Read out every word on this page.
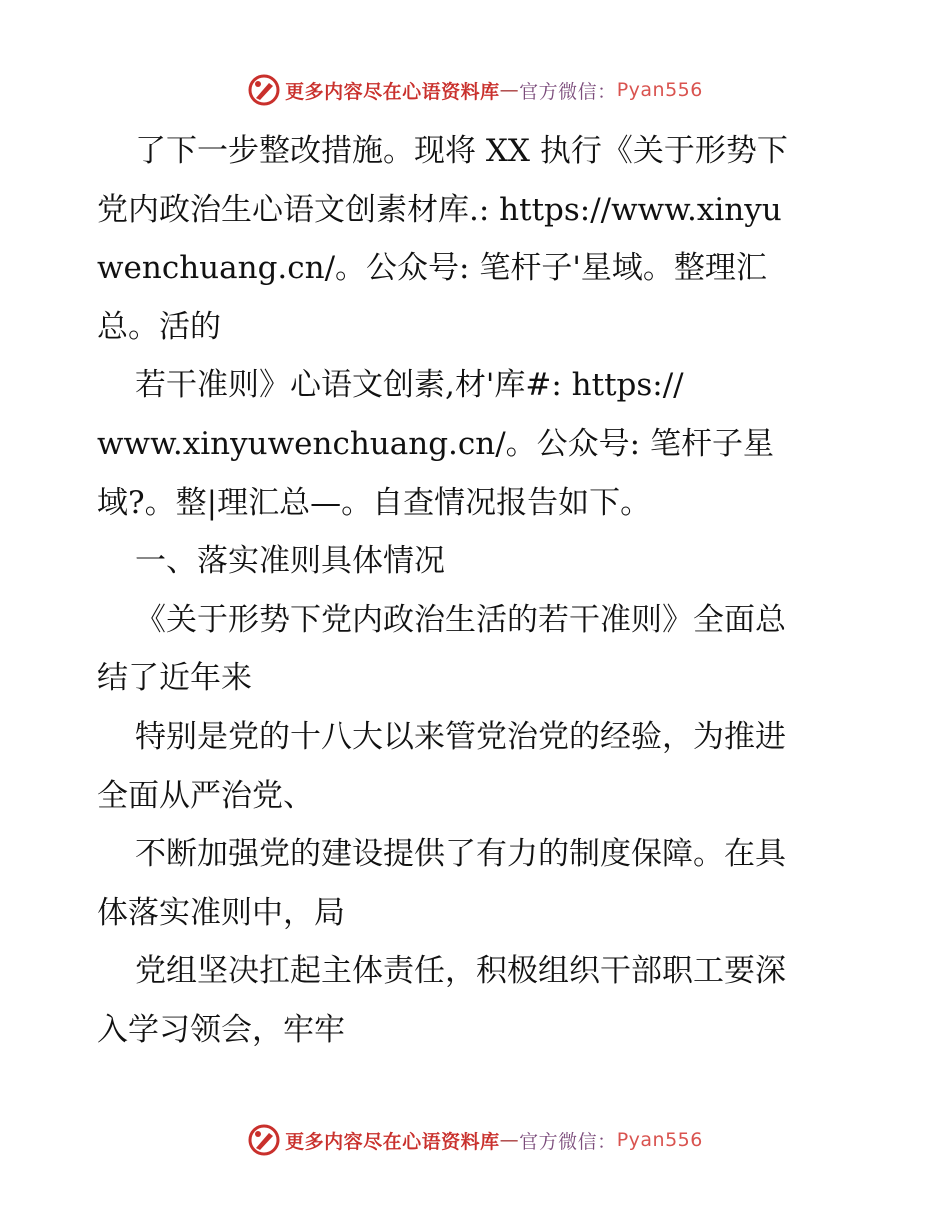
更多内容尽在心语资料库 — 官方微信： Pyan556
了下一步整改措施。现将 XX 执行《关于形势下
党内政治生心语文创素材库.: https://www.xinyu
wenchuang.cn/。公众号: 笔杆子'星域。整理汇
总。活的
若干准则》心语文创素,材'库#: https://
www.xinyuwenchuang.cn/。公众号: 笔杆子星
域?。整|理汇总—。自查情况报告如下。
一、落实准则具体情况
《关于形势下党内政治生活的若干准则》全面总
结了近年来
特别是党的十八大以来管党治党的经验，为推进
全面从严治党、
不断加强党的建设提供了有力的制度保障。在具
体落实准则中，局
党组坚决扛起主体责任，积极组织干部职工要深
入学习领会，牢牢
更多内容尽在心语资料库 — 官方微信： Pyan556
